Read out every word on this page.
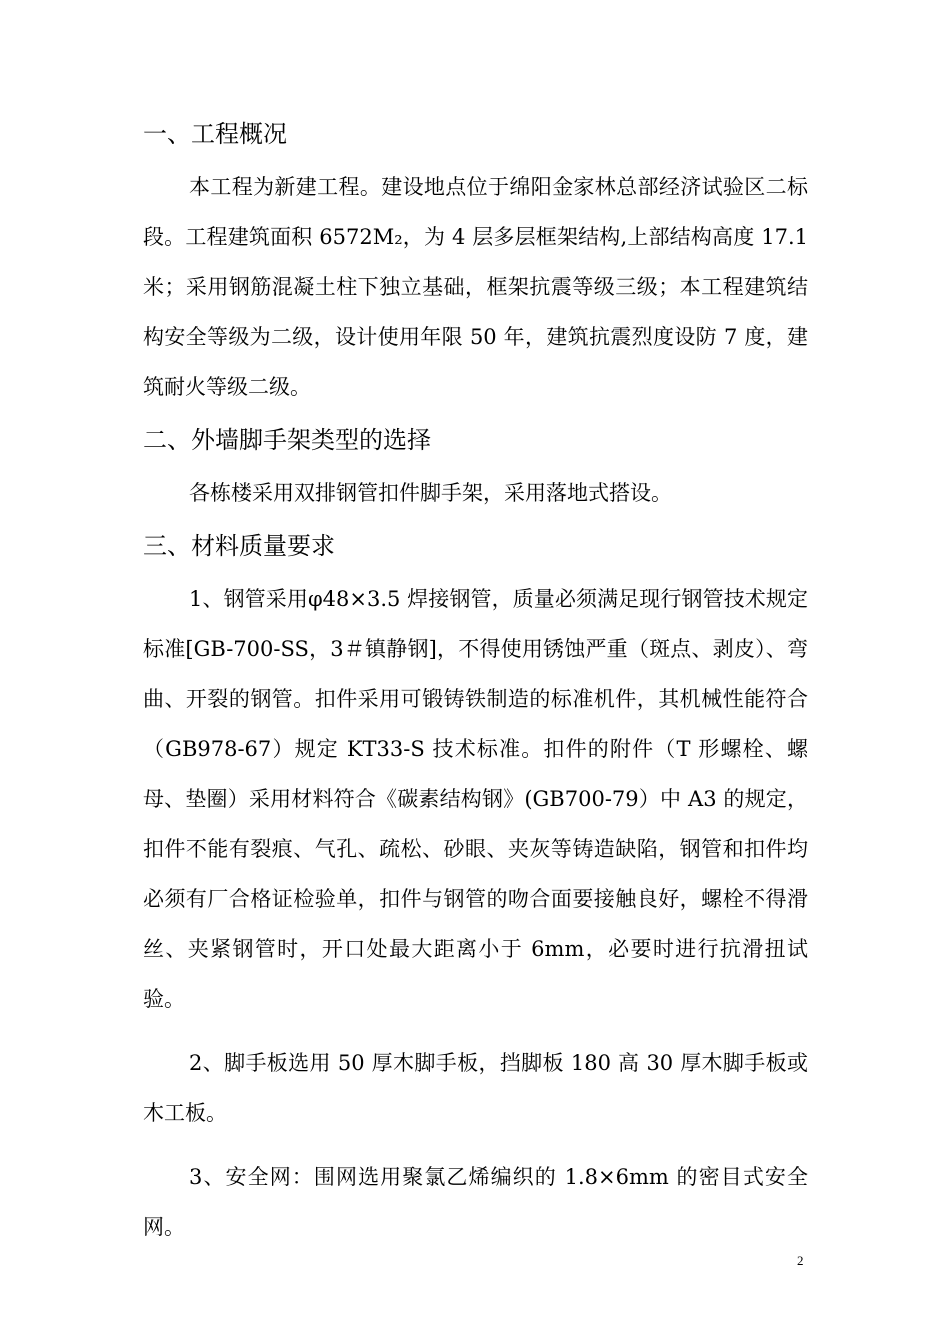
一、工程概况

本工程为新建工程。建设地点位于绵阳金家林总部经济试验区二标段。工程建筑面积 6572M₂，为 4 层多层框架结构,上部结构高度 17.1 米；采用钢筋混凝土柱下独立基础，框架抗震等级三级；本工程建筑结构安全等级为二级，设计使用年限 50 年，建筑抗震烈度设防 7 度，建筑耐火等级二级。

二、外墙脚手架类型的选择

各栋楼采用双排钢管扣件脚手架，采用落地式搭设。

三、材料质量要求

1、钢管采用φ48×3.5 焊接钢管，质量必须满足现行钢管技术规定标准[GB-700-SS，3＃镇静钢]，不得使用锈蚀严重（斑点、剥皮）、弯曲、开裂的钢管。扣件采用可锻铸铁制造的标准机件，其机械性能符合（GB978-67）规定 KT33-S 技术标准。扣件的附件（T 形螺栓、螺母、垫圈）采用材料符合《碳素结构钢》(GB700-79）中 A3 的规定，扣件不能有裂痕、气孔、疏松、砂眼、夹灰等铸造缺陷，钢管和扣件均必须有厂合格证检验单，扣件与钢管的吻合面要接触良好，螺栓不得滑丝、夹紧钢管时，开口处最大距离小于 6mm，必要时进行抗滑扭试验。

2、脚手板选用 50 厚木脚手板，挡脚板 180 高 30 厚木脚手板或木工板。

3、安全网：围网选用聚氯乙烯编织的 1.8×6mm 的密目式安全网。

2
